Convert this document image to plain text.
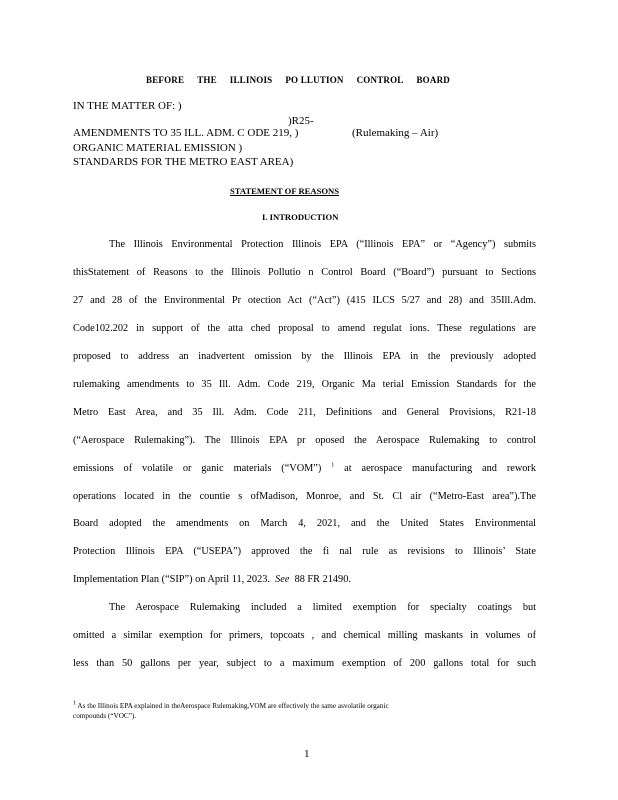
BEFORE THE ILLINOIS PO LLUTION CONTROL BOARD
IN THE MATTER OF: )
)R25-
AMENDMENTS TO 35 ILL. ADM. C ODE 219, )	(Rulemaking – Air)
ORGANIC MATERIAL EMISSION )
STANDARDS FOR THE METRO EAST AREA)
STATEMENT OF REASONS
I. INTRODUCTION
The Illinois Environmental Protection Illinois EPA (“Illinois EPA” or “Agency”) submits
thisStatement of Reasons to the Illinois Pollutio n Control Board (“Board”) pursuant to Sections
27 and 28 of the Environmental Pr otection Act (“Act”) (415 ILCS 5/27 and 28) and 35Ill.Adm.
Code102.202 in support of the atta ched proposal to amend regulat ions. These regulations are
proposed to address an inadvertent omission by the Illinois EPA in the previously adopted
rulemaking amendments to 35 Ill. Adm. Code 219, Organic Ma terial Emission Standards for the
Metro East Area, and 35 Ill. Adm. Code 211, Definitions and General Provisions, R21-18
(“Aerospace Rulemaking”). The Illinois EPA pr oposed the Aerospace Rulemaking to control
emissions of volatile or ganic materials (“VOM”) $^1$ at aerospace manufacturing and rework
operations located in the countie s ofMadison, Monroe, and St. Cl air (“Metro-East area”).The
Board adopted the amendments on March 4, 2021, and the United States Environmental
Protection Illinois EPA (“USEPA”) approved the fi nal rule as revisions to Illinois’ State
Implementation Plan (“SIP”) on April 11, 2023. See 88 FR 21490.
The Aerospace Rulemaking included a limited exemption for specialty coatings but
omitted a similar exemption for primers, topcoats , and chemical milling maskants in volumes of
less than 50 gallons per year, subject to a maximum exemption of 200 gallons total for such
$^1$ As the Illinois EPA explained in theAerospace Rulemaking,VOM are effectively the same asvolatile organic
compounds (“VOC”).
1
